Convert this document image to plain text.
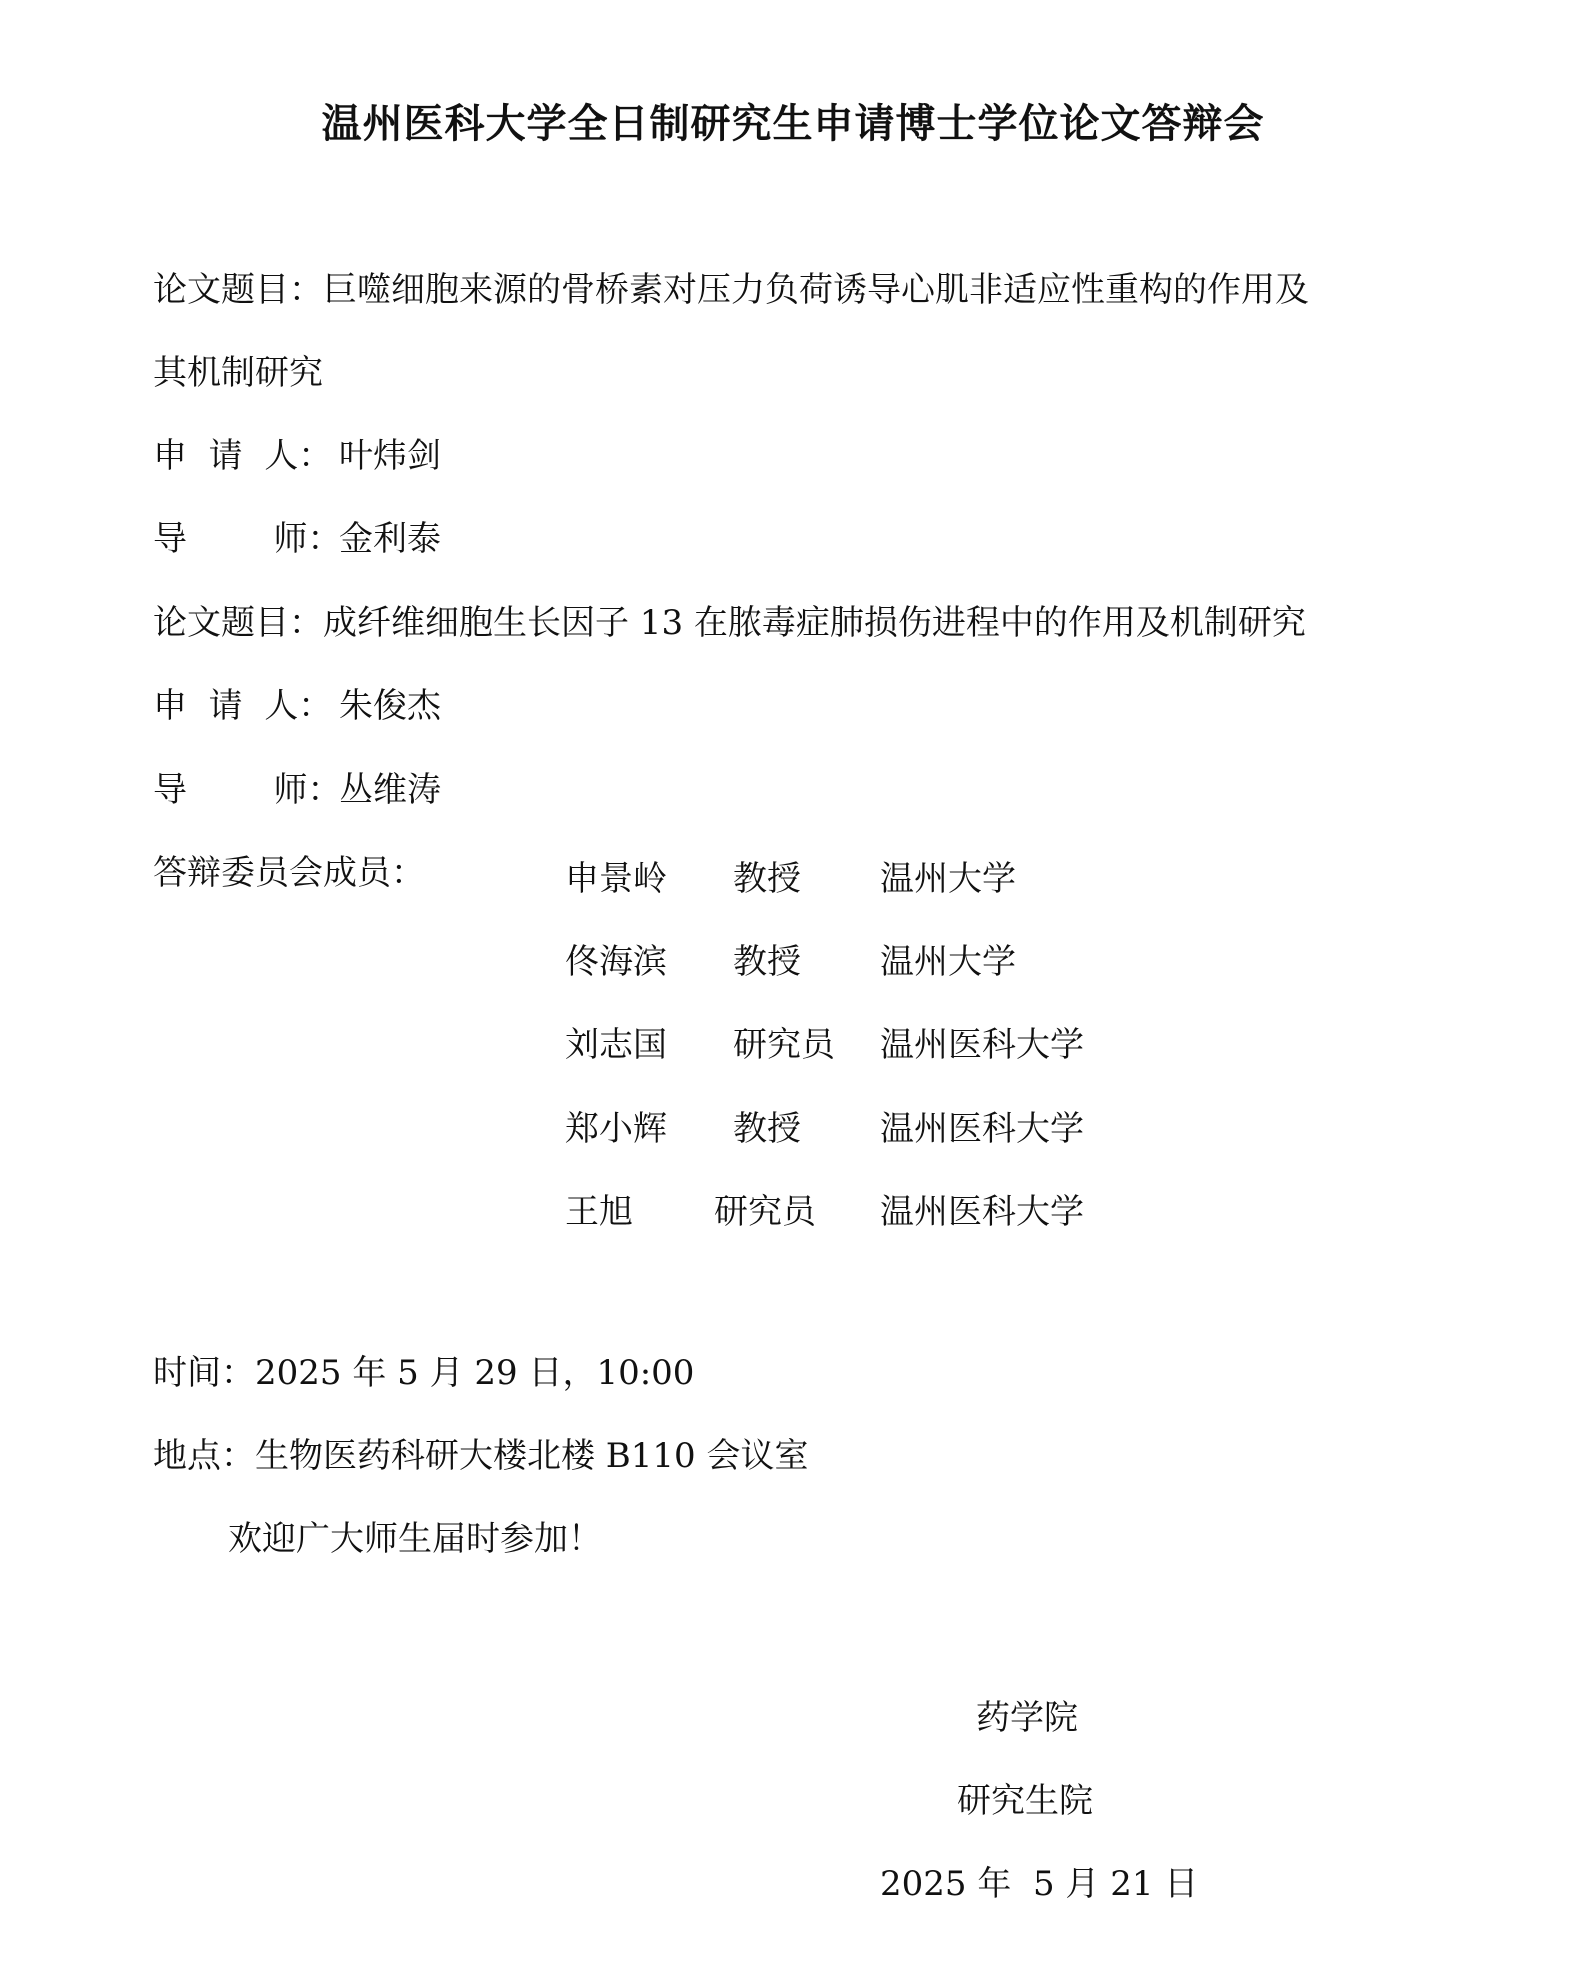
温州医科大学全日制研究生申请博士学位论文答辩会
论文题目：巨噬细胞来源的骨桥素对压力负荷诱导心肌非适应性重构的作用及
其机制研究
申  请  人： 叶炜剑
导        师：金利泰
论文题目：成纤维细胞生长因子 13 在脓毒症肺损伤进程中的作用及机制研究
申  请  人： 朱俊杰
导        师：丛维涛
答辩委员会成员：	申景岭 教授 温州大学
佟海滨 教授 温州大学
刘志国 研究员 温州医科大学
郑小辉 教授 温州医科大学
王旭 研究员 温州医科大学
时间：2025 年 5 月 29 日，10:00
地点：生物医药科研大楼北楼 B110 会议室
欢迎广大师生届时参加！
药学院
研究生院
2025 年  5 月 21 日
